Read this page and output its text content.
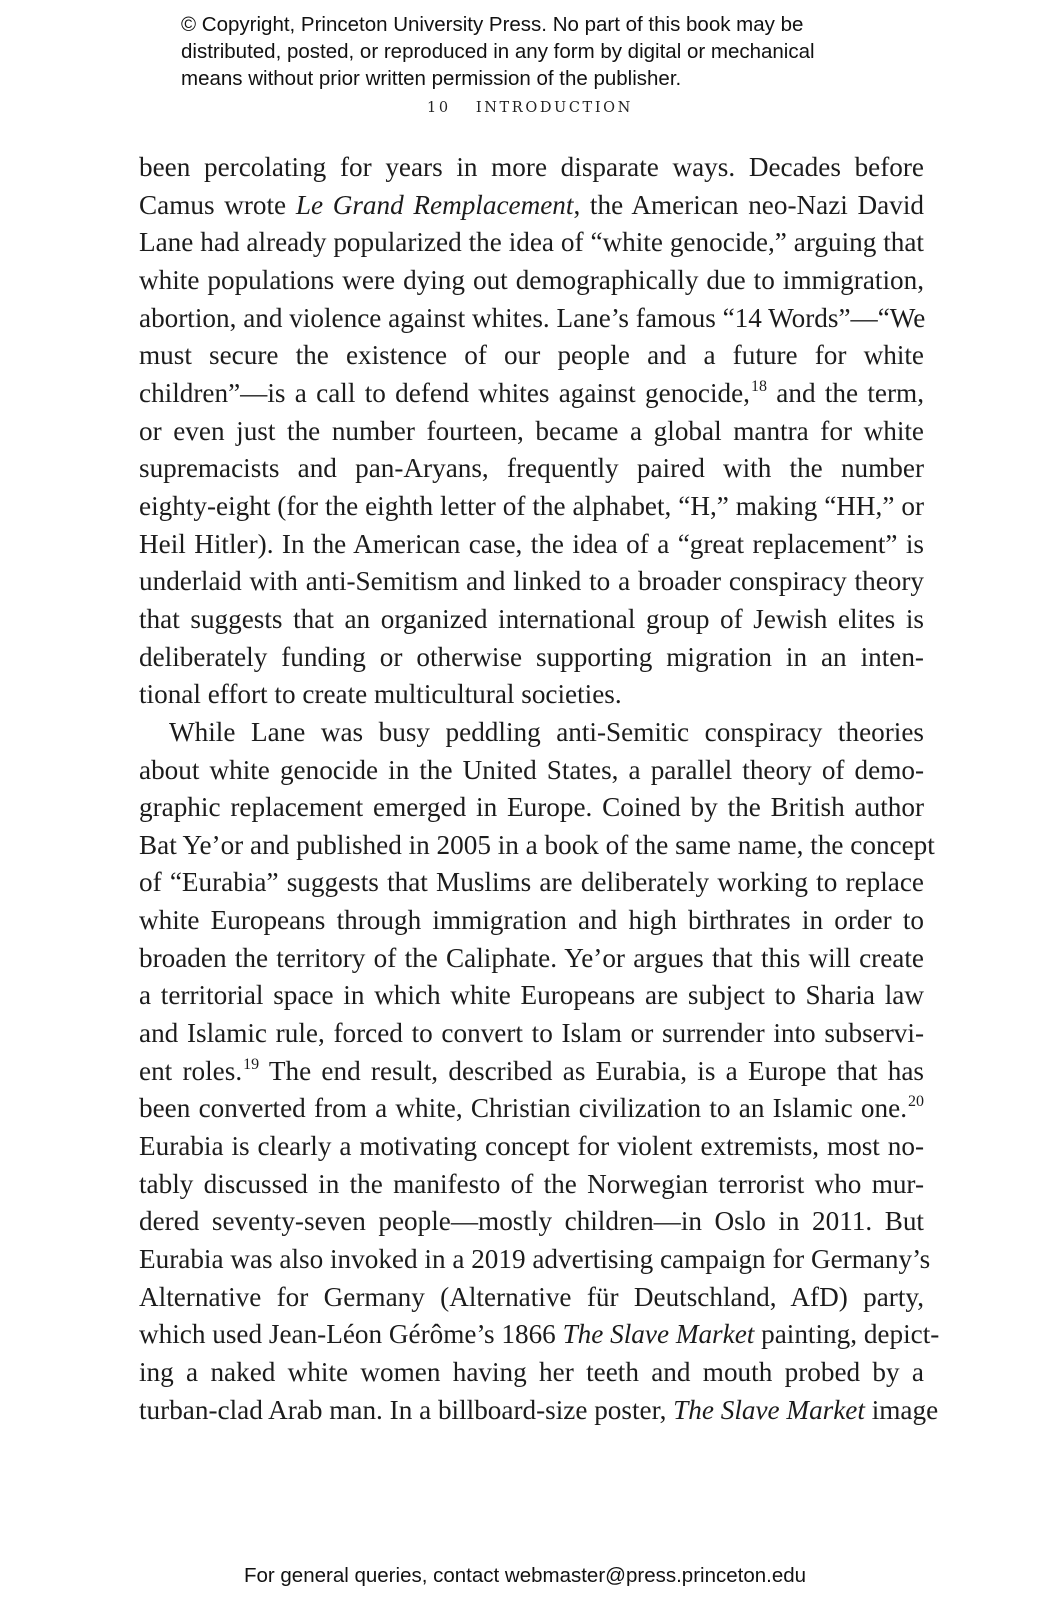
© Copyright, Princeton University Press. No part of this book may be
distributed, posted, or reproduced in any form by digital or mechanical
means without prior written permission of the publisher.
10 INTRODUCTION
been percolating for years in more disparate ways. Decades before
Camus wrote Le Grand Remplacement, the American neo-Nazi David
Lane had already popularized the idea of “white genocide,” arguing that
white populations were dying out demographically due to immigration,
abortion, and violence against whites. Lane’s famous “14 Words”—“We
must secure the existence of our people and a future for white
children”—is a call to defend whites against genocide,$^{18}$ and the term,
or even just the number fourteen, became a global mantra for white
supremacists and pan-Aryans, frequently paired with the number
eighty-eight (for the eighth letter of the alphabet, “H,” making “HH,” or
Heil Hitler). In the American case, the idea of a “great replacement” is
underlaid with anti-Semitism and linked to a broader conspiracy theory
that suggests that an organized international group of Jewish elites is
deliberately funding or otherwise supporting migration in an inten-
tional effort to create multicultural societies.
While Lane was busy peddling anti-Semitic conspiracy theories
about white genocide in the United States, a parallel theory of demo-
graphic replacement emerged in Europe. Coined by the British author
Bat Ye’or and published in 2005 in a book of the same name, the concept
of “Eurabia” suggests that Muslims are deliberately working to replace
white Europeans through immigration and high birthrates in order to
broaden the territory of the Caliphate. Ye’or argues that this will create
a territorial space in which white Europeans are subject to Sharia law
and Islamic rule, forced to convert to Islam or surrender into subservi-
ent roles.$^{19}$ The end result, described as Eurabia, is a Europe that has
been converted from a white, Christian civilization to an Islamic one.$^{20}$
Eurabia is clearly a motivating concept for violent extremists, most no-
tably discussed in the manifesto of the Norwegian terrorist who mur-
dered seventy-seven people—mostly children—in Oslo in 2011. But
Eurabia was also invoked in a 2019 advertising campaign for Germany’s
Alternative for Germany (Alternative für Deutschland, AfD) party,
which used Jean-Léon Gérôme’s 1866 The Slave Market painting, depict-
ing a naked white women having her teeth and mouth probed by a
turban-clad Arab man. In a billboard-size poster, The Slave Market image
For general queries, contact webmaster@press.princeton.edu
